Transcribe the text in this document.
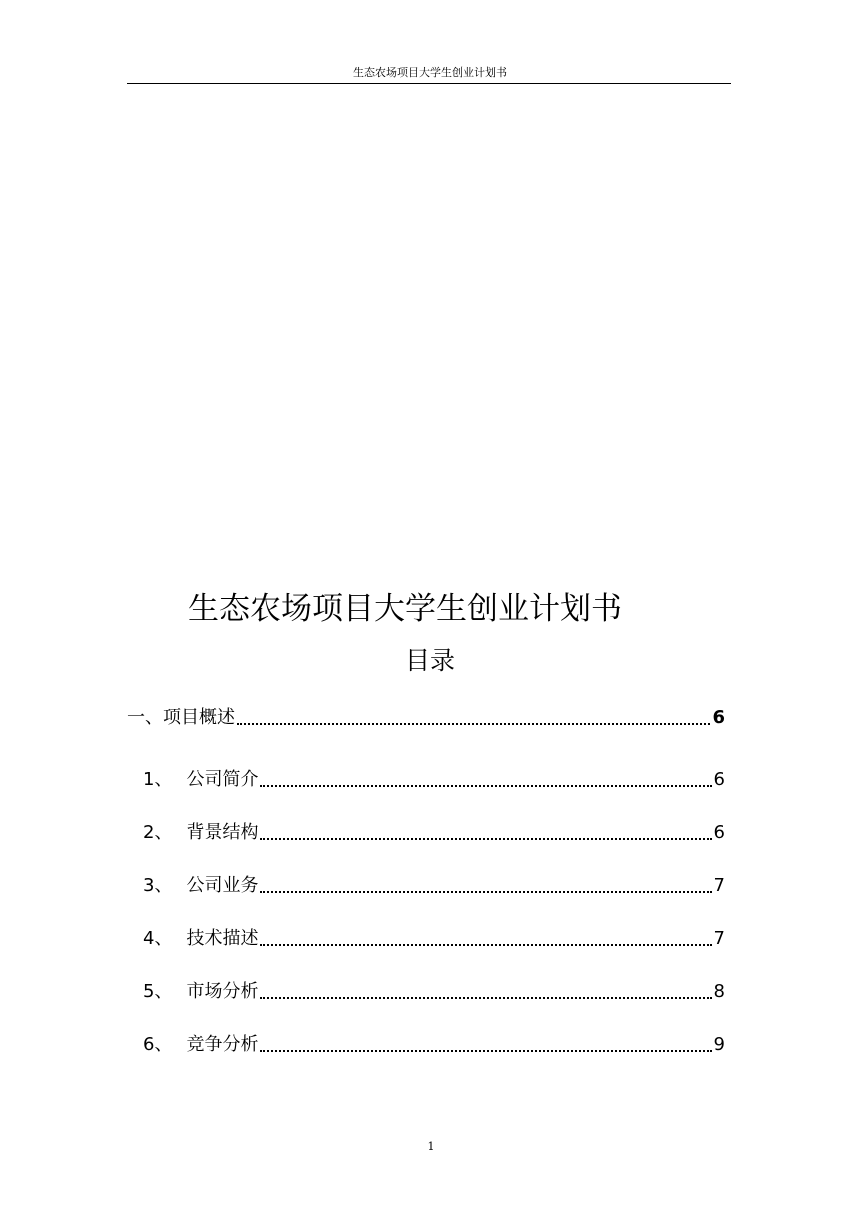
生态农场项目大学生创业计划书
生态农场项目大学生创业计划书
目录
一、 项目概述	6
1、 公司简介	6
2、 背景结构	6
3、 公司业务	7
4、 技术描述	7
5、 市场分析	8
6、 竞争分析	9
1
